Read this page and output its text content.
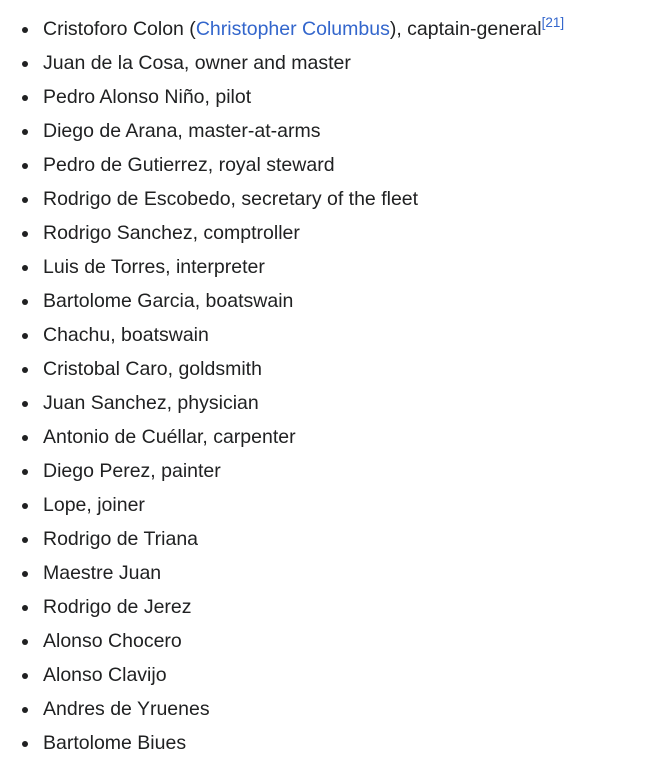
Cristoforo Colon (Christopher Columbus), captain-general[21]
Juan de la Cosa, owner and master
Pedro Alonso Niño, pilot
Diego de Arana, master-at-arms
Pedro de Gutierrez, royal steward
Rodrigo de Escobedo, secretary of the fleet
Rodrigo Sanchez, comptroller
Luis de Torres, interpreter
Bartolome Garcia, boatswain
Chachu, boatswain
Cristobal Caro, goldsmith
Juan Sanchez, physician
Antonio de Cuéllar, carpenter
Diego Perez, painter
Lope, joiner
Rodrigo de Triana
Maestre Juan
Rodrigo de Jerez
Alonso Chocero
Alonso Clavijo
Andres de Yruenes
Bartolome Biues
